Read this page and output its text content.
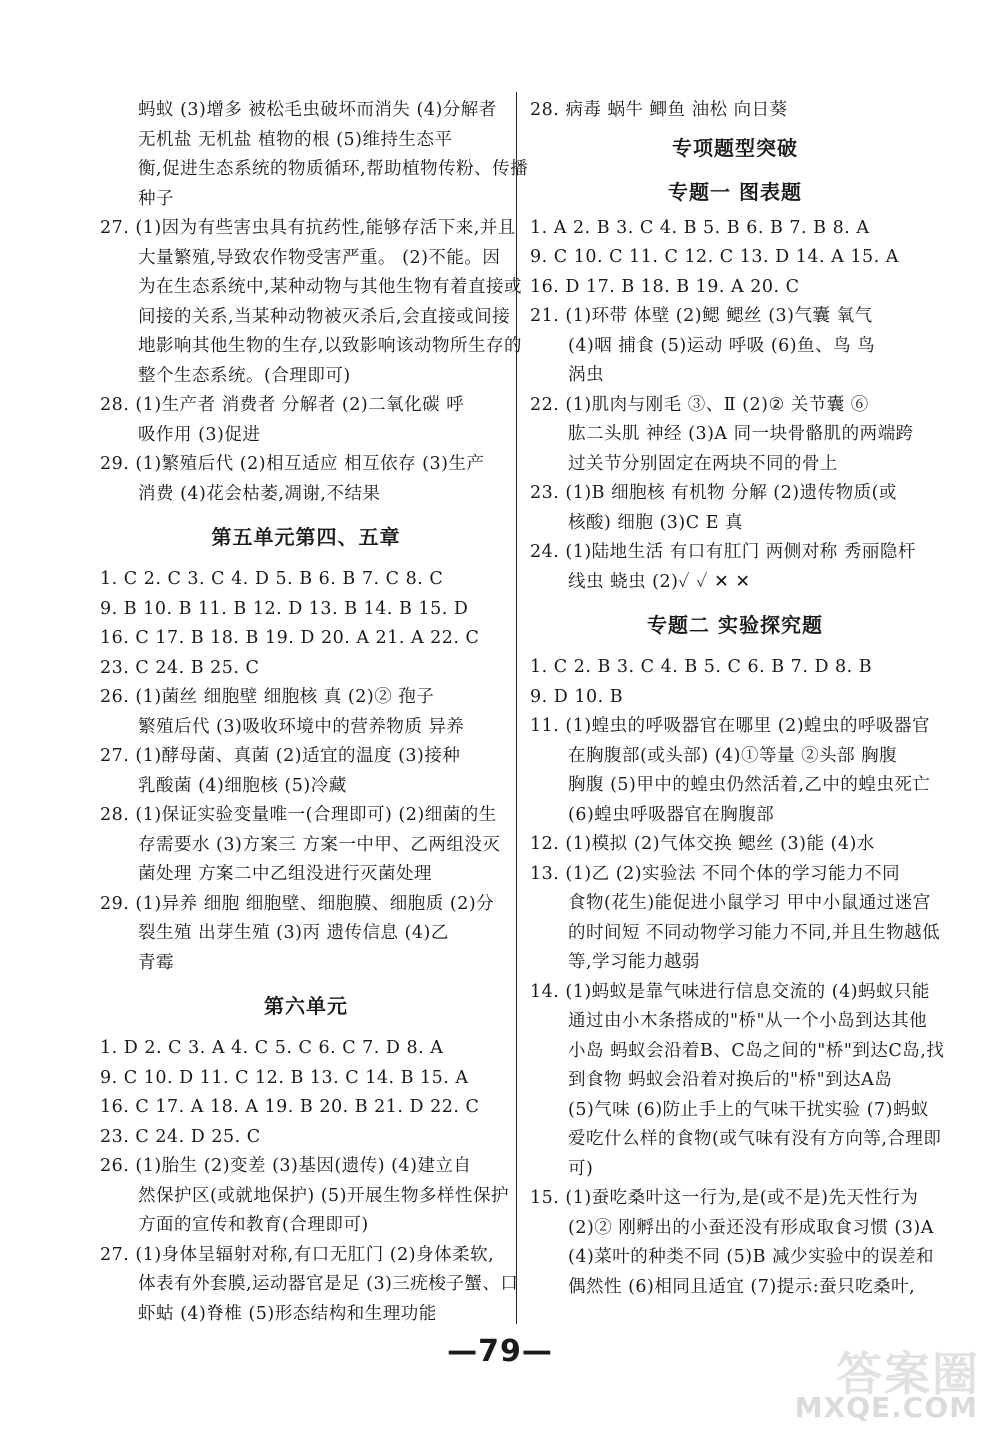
蚂蚁 (3)增多 被松毛虫破坏而消失 (4)分解者
无机盐 无机盐 植物的根 (5)维持生态平
衡,促进生态系统的物质循环,帮助植物传粉、传播
种子
27. (1)因为有些害虫具有抗药性,能够存活下来,并且
大量繁殖,导致农作物受害严重。 (2)不能。因
为在生态系统中,某种动物与其他生物有着直接或
间接的关系,当某种动物被灭杀后,会直接或间接
地影响其他生物的生存,以致影响该动物所生存的
整个生态系统。(合理即可)
28. (1)生产者 消费者 分解者 (2)二氧化碳 呼
吸作用 (3)促进
29. (1)繁殖后代 (2)相互适应 相互依存 (3)生产
消费 (4)花会枯萎,凋谢,不结果
第五单元第四、五章
1. C 2. C 3. C 4. D 5. B 6. B 7. C 8. C
9. B 10. B 11. B 12. D 13. B 14. B 15. D
16. C 17. B 18. B 19. D 20. A 21. A 22. C
23. C 24. B 25. C
26. (1)菌丝 细胞壁 细胞核 真 (2)② 孢子
繁殖后代 (3)吸收环境中的营养物质 异养
27. (1)酵母菌、真菌 (2)适宜的温度 (3)接种
乳酸菌 (4)细胞核 (5)冷藏
28. (1)保证实验变量唯一(合理即可) (2)细菌的生
存需要水 (3)方案三 方案一中甲、乙两组没灭
菌处理 方案二中乙组没进行灭菌处理
29. (1)异养 细胞 细胞壁、细胞膜、细胞质 (2)分
裂生殖 出芽生殖 (3)丙 遗传信息 (4)乙
青霉
第六单元
1. D 2. C 3. A 4. C 5. C 6. C 7. D 8. A
9. C 10. D 11. C 12. B 13. C 14. B 15. A
16. C 17. A 18. A 19. B 20. B 21. D 22. C
23. C 24. D 25. C
26. (1)胎生 (2)变差 (3)基因(遗传) (4)建立自
然保护区(或就地保护) (5)开展生物多样性保护
方面的宣传和教育(合理即可)
27. (1)身体呈辐射对称,有口无肛门 (2)身体柔软,
体表有外套膜,运动器官是足 (3)三疣梭子蟹、口
虾蛄 (4)脊椎 (5)形态结构和生理功能
28. 病毒 蜗牛 鲫鱼 油松 向日葵
专项题型突破
专题一 图表题
1. A 2. B 3. C 4. B 5. B 6. B 7. B 8. A
9. C 10. C 11. C 12. C 13. D 14. A 15. A
16. D 17. B 18. B 19. A 20. C
21. (1)环带 体壁 (2)鳃 鳃丝 (3)气囊 氧气
(4)咽 捕食 (5)运动 呼吸 (6)鱼、鸟 鸟
涡虫
22. (1)肌肉与刚毛 ③、Ⅱ (2)② 关节囊 ⑥
肱二头肌 神经 (3)A 同一块骨骼肌的两端跨
过关节分别固定在两块不同的骨上
23. (1)B 细胞核 有机物 分解 (2)遗传物质(或
核酸) 细胞 (3)C E 真
24. (1)陆地生活 有口有肛门 两侧对称 秀丽隐杆
线虫 蛲虫 (2)✓ ✓ ✕ ✕
专题二 实验探究题
1. C 2. B 3. C 4. B 5. C 6. B 7. D 8. B
9. D 10. B
11. (1)蝗虫的呼吸器官在哪里 (2)蝗虫的呼吸器官
在胸腹部(或头部) (4)①等量 ②头部 胸腹
胸腹 (5)甲中的蝗虫仍然活着,乙中的蝗虫死亡
(6)蝗虫呼吸器官在胸腹部
12. (1)模拟 (2)气体交换 鳃丝 (3)能 (4)水
13. (1)乙 (2)实验法 不同个体的学习能力不同
食物(花生)能促进小鼠学习 甲中小鼠通过迷宫
的时间短 不同动物学习能力不同,并且生物越低
等,学习能力越弱
14. (1)蚂蚁是靠气味进行信息交流的 (4)蚂蚁只能
通过由小木条搭成的"桥"从一个小岛到达其他
小岛 蚂蚁会沿着B、C岛之间的"桥"到达C岛,找
到食物 蚂蚁会沿着对换后的"桥"到达A岛
(5)气味 (6)防止手上的气味干扰实验 (7)蚂蚁
爱吃什么样的食物(或气味有没有方向等,合理即
可)
15. (1)蚕吃桑叶这一行为,是(或不是)先天性行为
(2)② 刚孵出的小蚕还没有形成取食习惯 (3)A
(4)菜叶的种类不同 (5)B 减少实验中的误差和
偶然性 (6)相同且适宜 (7)提示:蚕只吃桑叶,
—79—	答案圈
MXQE.COM
